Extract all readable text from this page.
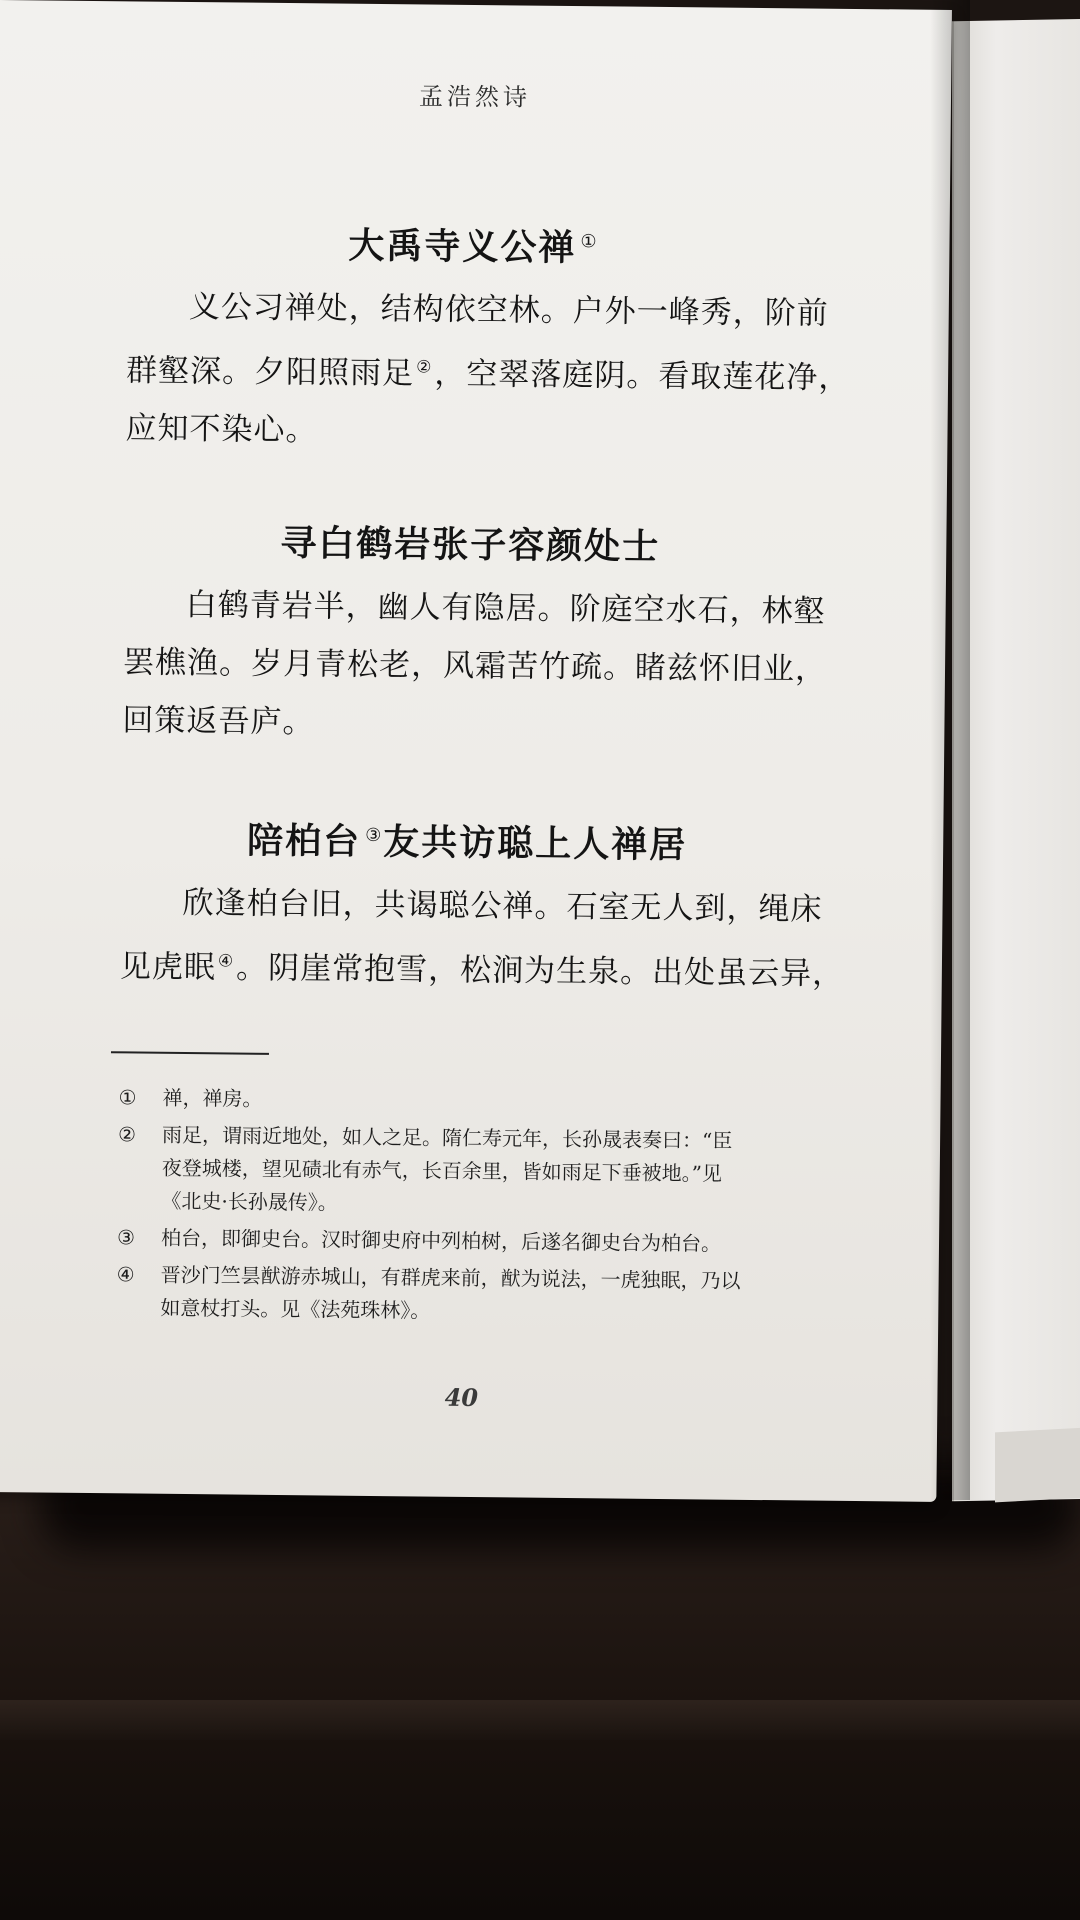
孟浩然诗
大禹寺义公禅 ①
义公习禅处，结构依空林。户外一峰秀，阶前
群壑深。夕阳照雨足 ②，空翠落庭阴。看取莲花净，
应知不染心。
寻白鹤岩张子容颜处士
白鹤青岩半，幽人有隐居。阶庭空水石，林壑
罢樵渔。岁月青松老，风霜苦竹疏。睹兹怀旧业，
回策返吾庐。
陪柏台 ③友共访聪上人禅居
欣逢柏台旧，共谒聪公禅。石室无人到，绳床
见虎眠 ④。阴崖常抱雪，松涧为生泉。出处虽云异，
① 禅，禅房。
② 雨足，谓雨近地处，如人之足。隋仁寿元年，长孙晟表奏曰：“臣
夜登城楼，望见碛北有赤气，长百余里，皆如雨足下垂被地。”见
《北史·长孙晟传》。
③ 柏台，即御史台。汉时御史府中列柏树，后遂名御史台为柏台。
④ 晋沙门竺昙猷游赤城山，有群虎来前，猷为说法，一虎独眠，乃以
如意杖打头。见《法苑珠林》。
40
